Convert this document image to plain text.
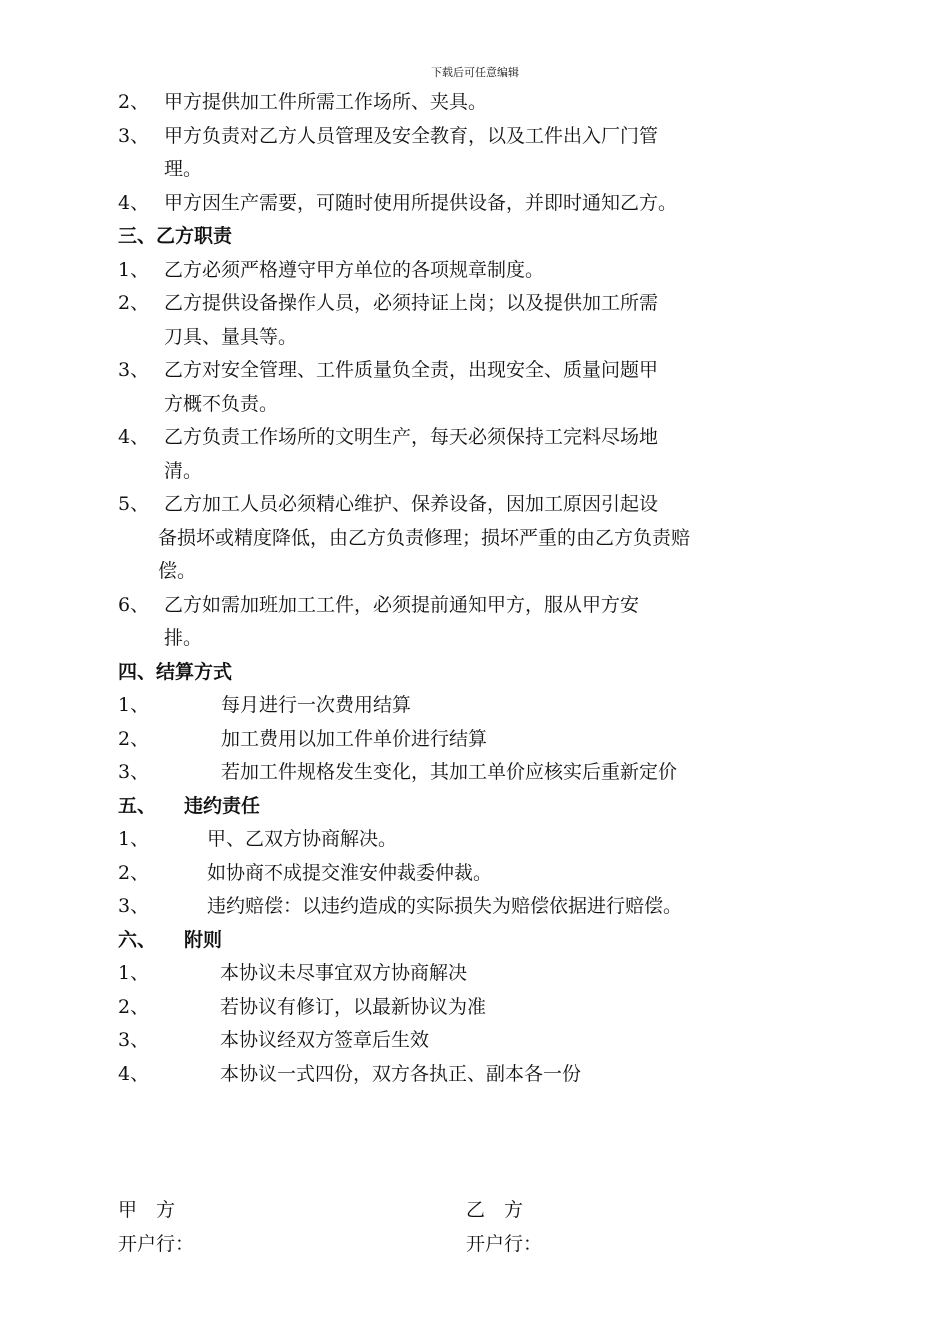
下载后可任意编辑
2、 甲方提供加工件所需工作场所、夹具。
3、 甲方负责对乙方人员管理及安全教育，以及工件出入厂门管
理。
4、 甲方因生产需要，可随时使用所提供设备，并即时通知乙方。
三、乙方职责
1、 乙方必须严格遵守甲方单位的各项规章制度。
2、 乙方提供设备操作人员，必须持证上岗；以及提供加工所需
刀具、量具等。
3、 乙方对安全管理、工件质量负全责，出现安全、质量问题甲
方概不负责。
4、 乙方负责工作场所的文明生产，每天必须保持工完料尽场地
清。
5、 乙方加工人员必须精心维护、保养设备，因加工原因引起设
备损坏或精度降低，由乙方负责修理；损坏严重的由乙方负责赔
偿。
6、 乙方如需加班加工工件，必须提前通知甲方，服从甲方安
排。
四、结算方式
1、	每月进行一次费用结算
2、	加工费用以加工件单价进行结算
3、	若加工件规格发生变化，其加工单价应核实后重新定价
五、 违约责任
1、	甲、乙双方协商解决。
2、	如协商不成提交淮安仲裁委仲裁。
3、	违约赔偿：以违约造成的实际损失为赔偿依据进行赔偿。
六、 附则
1、	本协议未尽事宜双方协商解决
2、	若协议有修订，以最新协议为准
3、	本协议经双方签章后生效
4、	本协议一式四份，双方各执正、副本各一份
甲　方
开户行：
乙　方
开户行：
